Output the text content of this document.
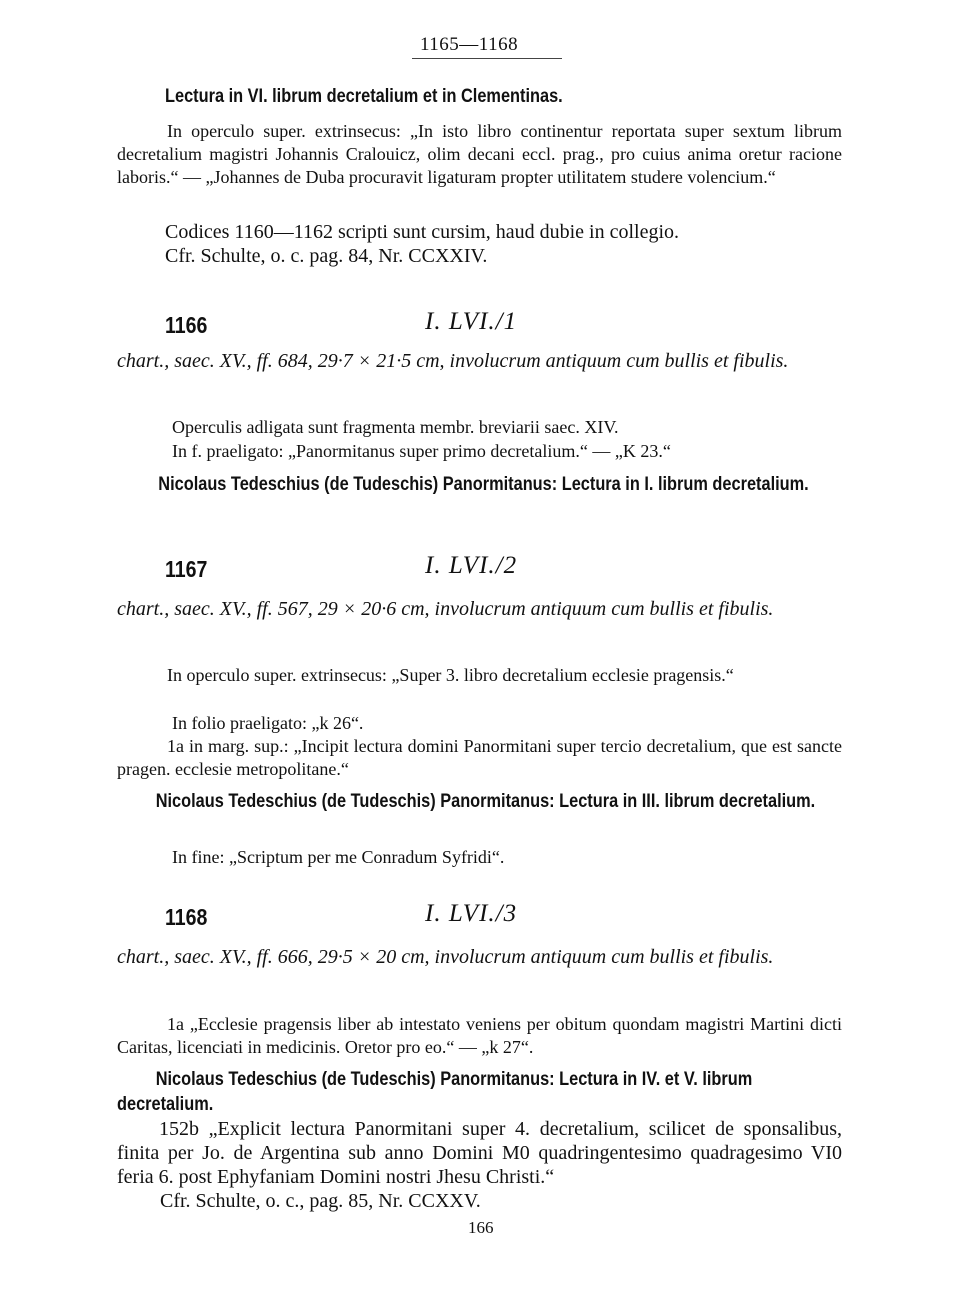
1165—1168
Lectura in VI. librum decretalium et in Clementinas.
In operculo super. extrinsecus: „In isto libro continentur reportata super sextum librum decretalium magistri Johannis Cralouicz, olim decani eccl. prag., pro cuius anima oretur racione laboris.“ — „Johannes de Duba procuravit ligaturam propter utilitatem studere volencium.“
Codices 1160—1162 scripti sunt cursim, haud dubie in collegio.
Cfr. Schulte, o. c. pag. 84, Nr. CCXXIV.
1166	I. LVI./1
chart., saec. XV., ff. 684, 29·7 × 21·5 cm, involucrum antiquum cum bullis et fibulis.
Operculis adligata sunt fragmenta membr. breviarii saec. XIV.
In f. praeligato: „Panormitanus super primo decretalium.“ — „K 23.“
Nicolaus Tedeschius (de Tudeschis) Panormitanus: Lectura in I. librum decretalium.
1167	I. LVI./2
chart., saec. XV., ff. 567, 29 × 20·6 cm, involucrum antiquum cum bullis et fibulis.
In operculo super. extrinsecus: „Super 3. libro decretalium ecclesie pragensis.“
In folio praeligato: „k 26“.
1a in marg. sup.: „Incipit lectura domini Panormitani super tercio decretalium, que est sancte pragen. ecclesie metropolitane.“
Nicolaus Tedeschius (de Tudeschis) Panormitanus: Lectura in III. librum decretalium.
In fine: „Scriptum per me Conradum Syfridi“.
1168	I. LVI./3
chart., saec. XV., ff. 666, 29·5 × 20 cm, involucrum antiquum cum bullis et fibulis.
1a „Ecclesie pragensis liber ab intestato veniens per obitum quondam magistri Martini dicti Caritas, licenciati in medicinis. Oretor pro eo.“ — „k 27“.
Nicolaus Tedeschius (de Tudeschis) Panormitanus: Lectura in IV. et V. librum decretalium.
152b „Explicit lectura Panormitani super 4. decretalium, scilicet de sponsalibus, finita per Jo. de Argentina sub anno Domini M0 quadringentesimo quadragesimo VI0 feria 6. post Ephyfaniam Domini nostri Jhesu Christi.“
Cfr. Schulte, o. c., pag. 85, Nr. CCXXV.
166
